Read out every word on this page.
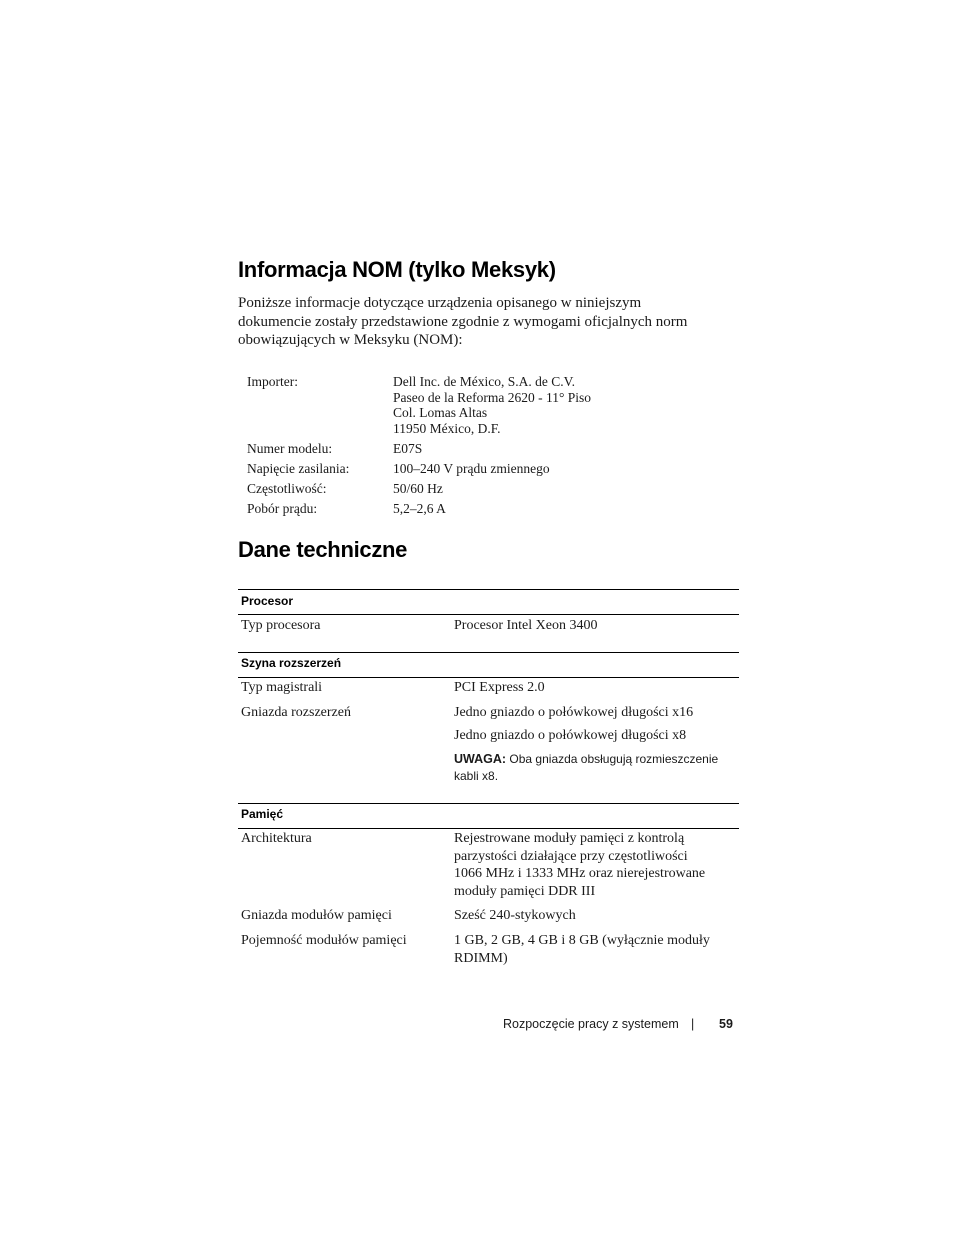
Informacja NOM (tylko Meksyk)
Poniższe informacje dotyczące urządzenia opisanego w niniejszym
dokumencie zostały przedstawione zgodnie z wymogami oficjalnych norm
obowiązujących w Meksyku (NOM):
Importer:	Dell Inc. de México, S.A. de C.V.
Paseo de la Reforma 2620 - 11° Piso
Col. Lomas Altas
11950 México, D.F.
Numer modelu:	E07S
Napięcie zasilania:	100–240 V prądu zmiennego
Częstotliwość:	50/60 Hz
Pobór prądu:	5,2–2,6 A
Dane techniczne
Procesor
Typ procesora	Procesor Intel Xeon 3400
Szyna rozszerzeń
Typ magistrali	PCI Express 2.0
Gniazda rozszerzeń	Jedno gniazdo o połówkowej długości x16
Jedno gniazdo o połówkowej długości x8
UWAGA: Oba gniazda obsługują rozmieszczenie
kabli x8.
Pamięć
Architektura	Rejestrowane moduły pamięci z kontrolą
parzystości działające przy częstotliwości
1066 MHz i 1333 MHz oraz nierejestrowane
moduły pamięci DDR III
Gniazda modułów pamięci	Sześć 240-stykowych
Pojemność modułów pamięci	1 GB, 2 GB, 4 GB i 8 GB (wyłącznie moduły
RDIMM)
Rozpoczęcie pracy z systemem | 59
